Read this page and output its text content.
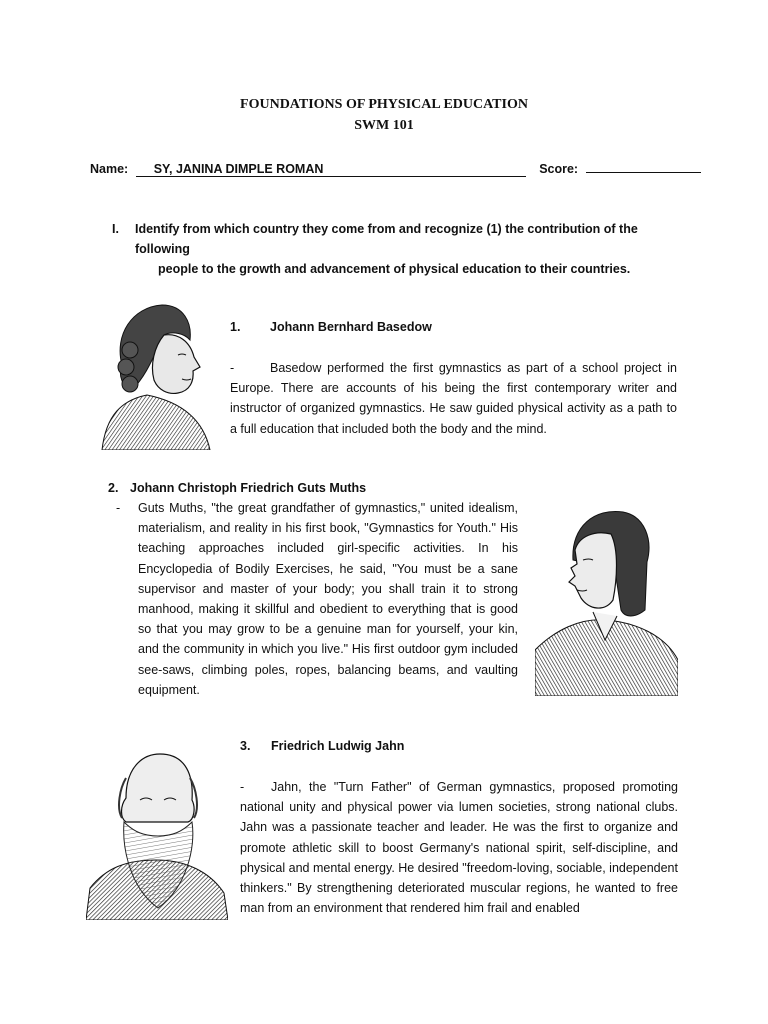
FOUNDATIONS OF PHYSICAL EDUCATION
SWM 101
Name: SY, JANINA DIMPLE ROMAN	Score:
I.	Identify from which country they come from and recognize (1) the contribution of the following
people to the growth and advancement of physical education to their countries.
1. Johann Bernhard Basedow
-	Basedow performed the first gymnastics as part of a school project in Europe. There are accounts of his being the first contemporary writer and instructor of organized gymnastics. He saw guided physical activity as a path to a full education that included both the body and the mind.
2. Johann Christoph Friedrich Guts Muths
-	Guts Muths, "the great grandfather of gymnastics," united idealism, materialism, and reality in his first book, "Gymnastics for Youth." His teaching approaches included girl-specific activities. In his Encyclopedia of Bodily Exercises, he said, "You must be a sane supervisor and master of your body; you shall train it to strong manhood, making it skillful and obedient to everything that is good so that you may grow to be a genuine man for yourself, your kin, and the community in which you live." His first outdoor gym included see-saws, climbing poles, ropes, balancing beams, and vaulting equipment.
3. Friedrich Ludwig Jahn
- Jahn, the "Turn Father" of German gymnastics, proposed promoting national unity and physical power via lumen societies, strong national clubs. Jahn was a passionate teacher and leader. He was the first to organize and promote athletic skill to boost Germany's national spirit, self-discipline, and physical and mental energy. He desired "freedom-loving, sociable, independent thinkers." By strengthening deteriorated muscular regions, he wanted to free man from an environment that rendered him frail and enabled
